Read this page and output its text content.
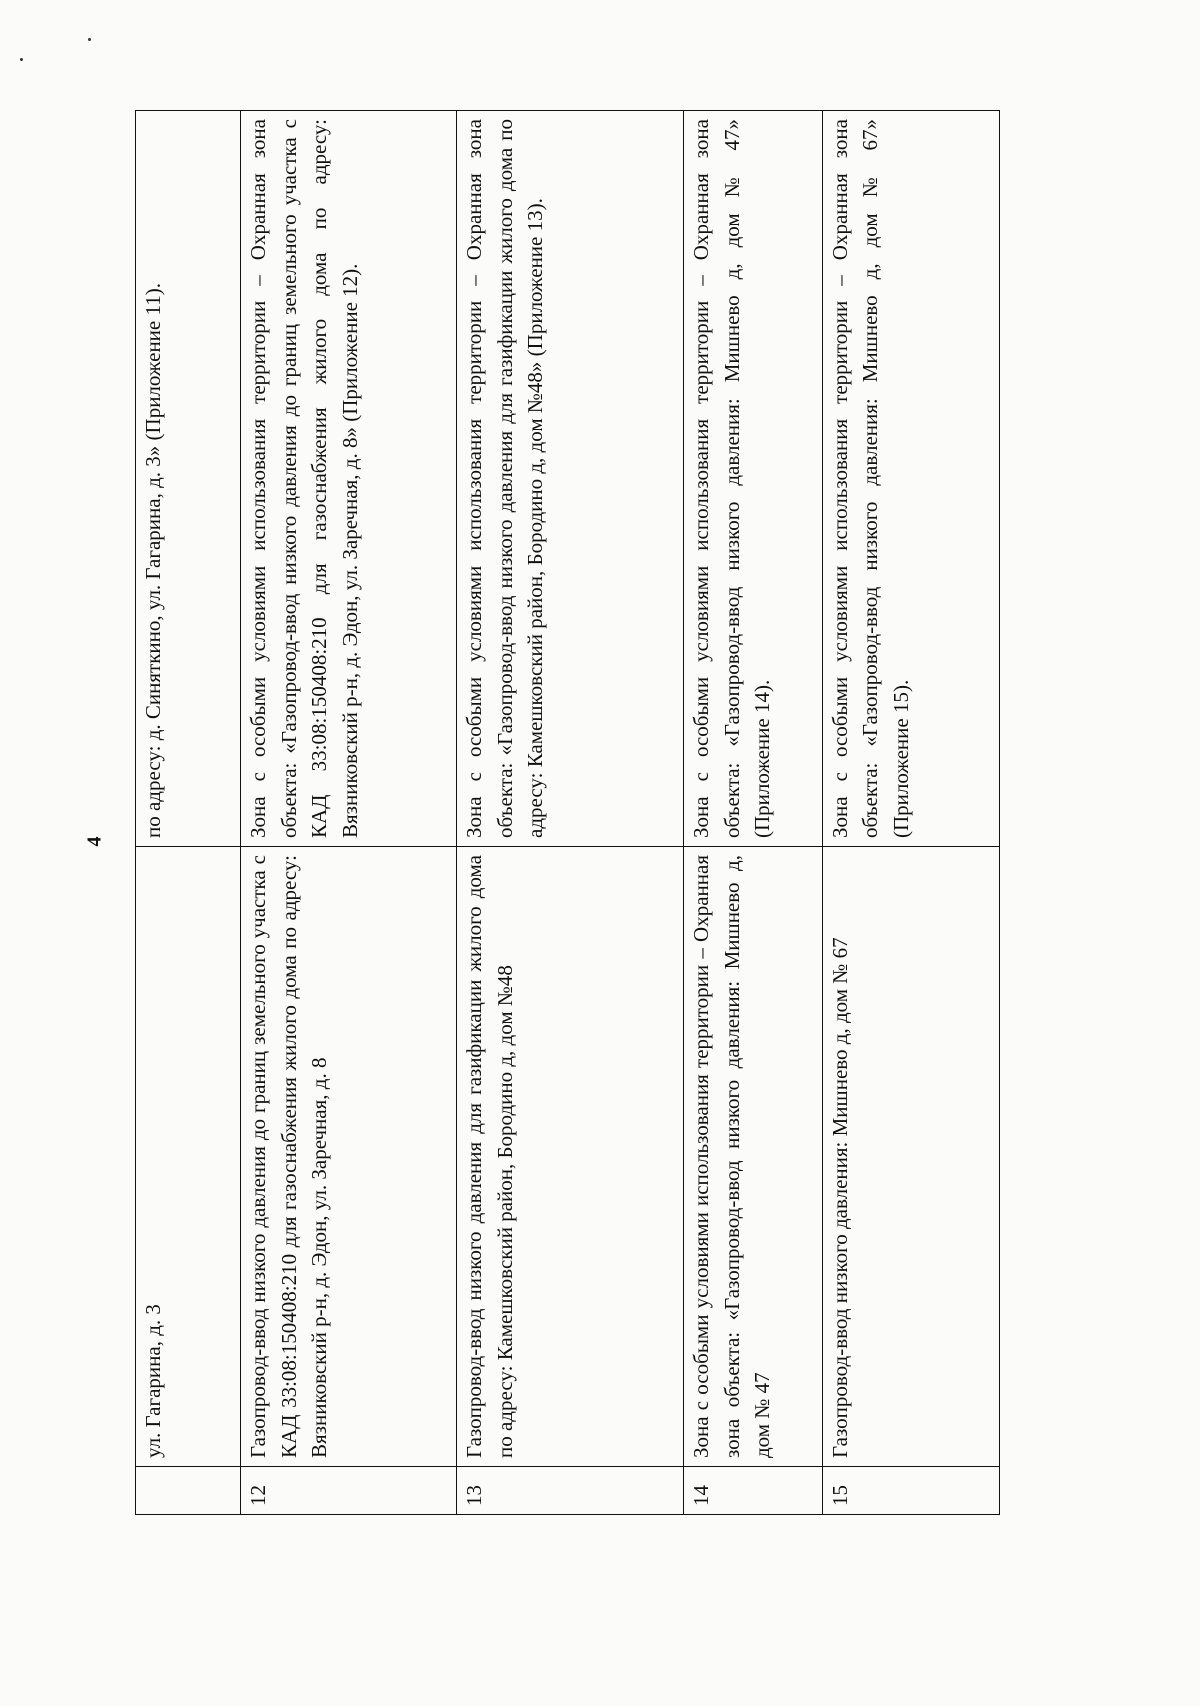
4
	ул. Гагарина, д. 3	по адресу: д. Синяткино, ул. Гагарина, д. 3» (Приложение 11).
12	Газопровод-ввод низкого давления до границ земельного участка с КАД 33:08:150408:210 для газоснабжения жилого дома по адресу: Вязниковский р-н, д. Эдон, ул. Заречная, д. 8	Зона с особыми условиями использования территории – Охранная зона объекта: «Газопровод-ввод низкого давления до границ земельного участка с КАД 33:08:150408:210 для газоснабжения жилого дома по адресу: Вязниковский р-н, д. Эдон, ул. Заречная, д. 8» (Приложение 12).
13	Газопровод-ввод низкого давления для газификации жилого дома по адресу: Камешковский район, Бородино д, дом №48	Зона с особыми условиями использования территории – Охранная зона объекта: «Газопровод-ввод низкого давления для газификации жилого дома по адресу: Камешковский район, Бородино д, дом №48» (Приложение 13).
14	Зона с особыми условиями использования территории – Охранная зона объекта: «Газопровод-ввод низкого давления: Мишнево д, дом № 47	Зона с особыми условиями использования территории – Охранная зона объекта: «Газопровод-ввод низкого давления: Мишнево д, дом № 47» (Приложение 14).
15	Газопровод-ввод низкого давления: Мишнево д, дом № 67	Зона с особыми условиями использования территории – Охранная зона объекта: «Газопровод-ввод низкого давления: Мишнево д, дом № 67» (Приложение 15).
